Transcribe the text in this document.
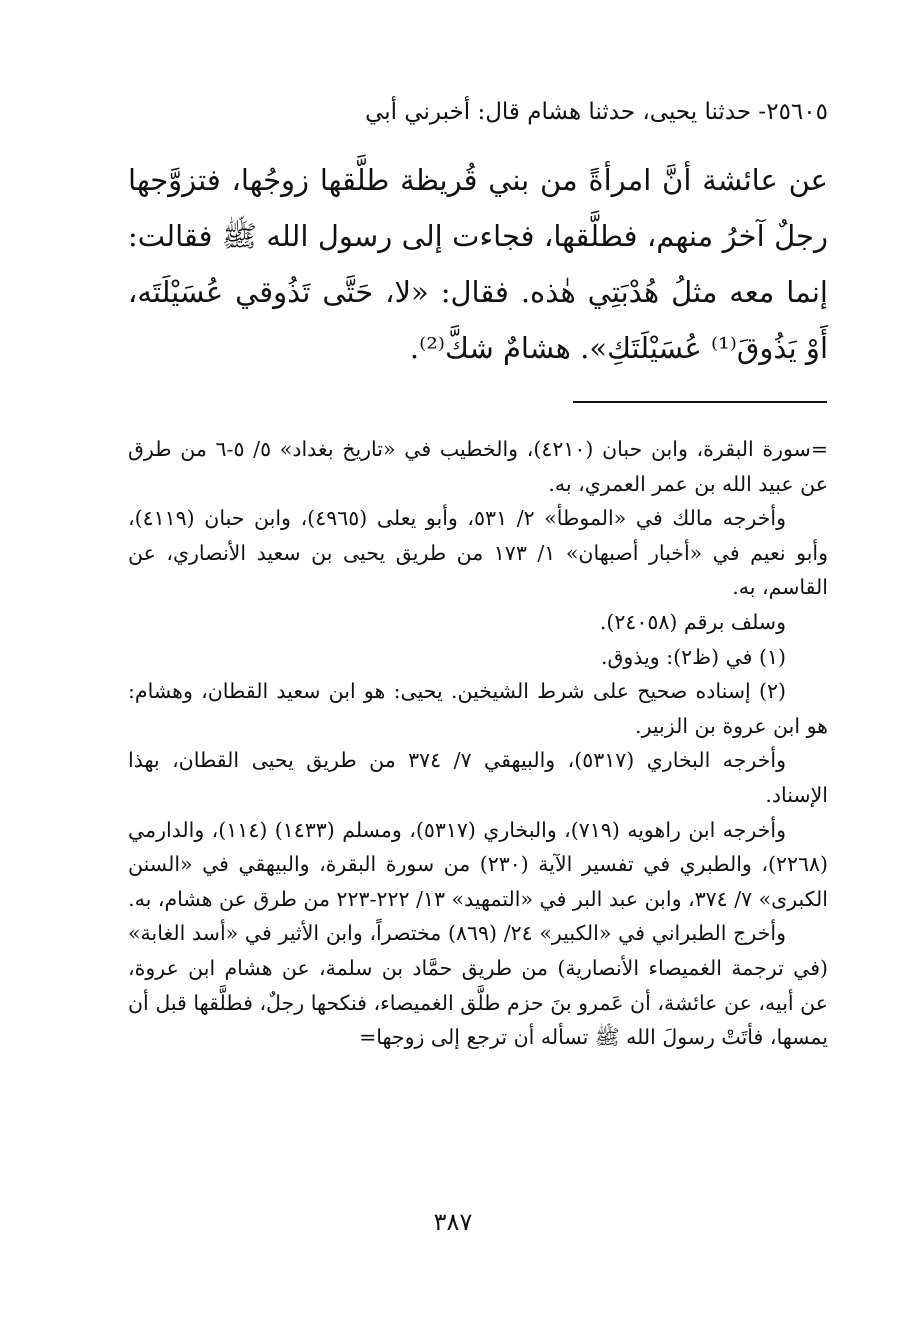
٢٥٦٠٥- حدثنا يحيى، حدثنا هشام قال: أخبرني أبي

عن عائشة أنَّ امرأةً من بني قُريظة طلَّقها زوجُها، فتزوَّجها رجلٌ آخرُ منهم، فطلَّقها، فجاءت إلى رسول الله ﷺ فقالت: إنما معه مثلُ هُدْبَتِي هٰذه. فقال: «لا، حَتَّى تَذُوقي عُسَيْلَتَه، أَوْ يَذُوقَ⁽¹⁾ عُسَيْلَتَكِ». هشامٌ شكَّ⁽²⁾.

=سورة البقرة، وابن حبان (٤٢١٠)، والخطيب في «تاريخ بغداد» ٥/ ٥-٦ من طرق عن عبيد الله بن عمر العمري، به.

وأخرجه مالك في «الموطأ» ٢/ ٥٣١، وأبو يعلى (٤٩٦٥)، وابن حبان (٤١١٩)، وأبو نعيم في «أخبار أصبهان» ١/ ١٧٣ من طريق يحيى بن سعيد الأنصاري، عن القاسم، به.

وسلف برقم (٢٤٠٥٨).

(١) في (ظ٢): ويذوق.

(٢) إسناده صحيح على شرط الشيخين. يحيى: هو ابن سعيد القطان، وهشام: هو ابن عروة بن الزبير.

وأخرجه البخاري (٥٣١٧)، والبيهقي ٧/ ٣٧٤ من طريق يحيى القطان، بهذا الإسناد.

وأخرجه ابن راهويه (٧١٩)، والبخاري (٥٣١٧)، ومسلم (١٤٣٣) (١١٤)، والدارمي (٢٢٦٨)، والطبري في تفسير الآية (٢٣٠) من سورة البقرة، والبيهقي في «السنن الكبرى» ٧/ ٣٧٤، وابن عبد البر في «التمهيد» ١٣/ ٢٢٢-٢٢٣ من طرق عن هشام، به.

وأخرج الطبراني في «الكبير» ٢٤/ (٨٦٩) مختصراً، وابن الأثير في «أسد الغابة» (في ترجمة الغميصاء الأنصارية) من طريق حمَّاد بن سلمة، عن هشام ابن عروة، عن أبيه، عن عائشة، أن عَمرو بنَ حزم طلَّق الغميصاء، فنكحها رجلٌ، فطلَّقها قبل أن يمسها، فأتَتْ رسولَ الله ﷺ تسأله أن ترجع إلى زوجها=

٣٨٧
